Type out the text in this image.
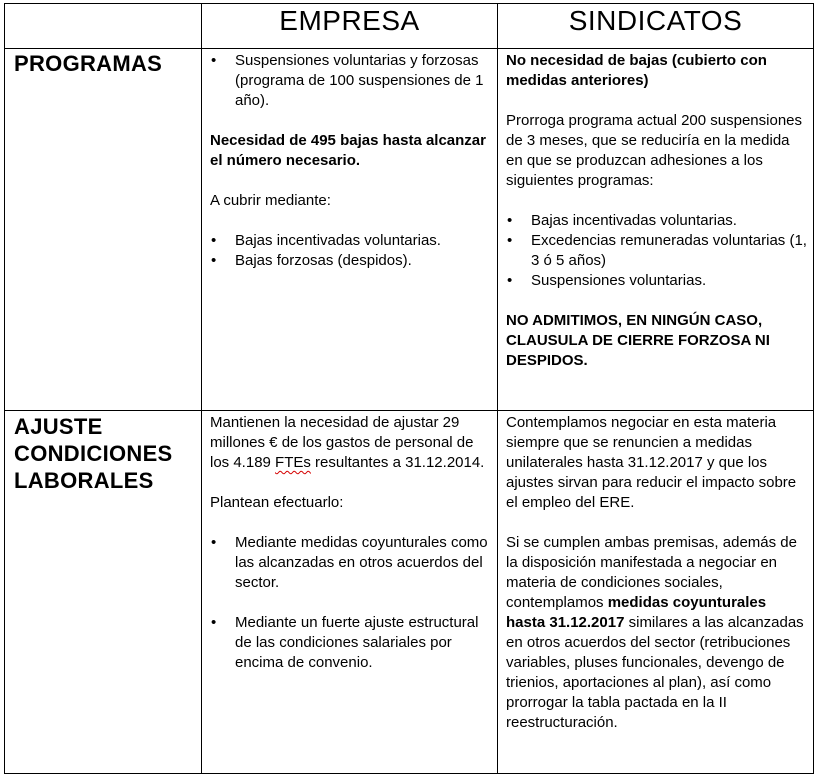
EMPRESA	SINDICATOS
PROGRAMAS
•	Suspensiones voluntarias y forzosas (programa de 100 suspensiones de 1 año).

Necesidad de 495 bajas hasta alcanzar el número necesario.

A cubrir mediante:

• Bajas incentivadas voluntarias.
• Bajas forzosas (despidos).

No necesidad de bajas (cubierto con medidas anteriores)

Prorroga programa actual 200 suspensiones de 3 meses, que se reduciría en la medida en que se produzcan adhesiones a los siguientes programas:

• Bajas incentivadas voluntarias.
• Excedencias remuneradas voluntarias (1, 3 ó 5 años)
• Suspensiones voluntarias.

NO ADMITIMOS, EN NINGÚN CASO, CLAUSULA DE CIERRE FORZOSA NI DESPIDOS.

AJUSTE
CONDICIONES
LABORALES

Mantienen la necesidad de ajustar 29 millones € de los gastos de personal de los 4.189 FTEs resultantes a 31.12.2014.

Plantean efectuarlo:

• Mediante medidas coyunturales como las alcanzadas en otros acuerdos del sector.
• Mediante un fuerte ajuste estructural de las condiciones salariales por encima de convenio.

Contemplamos negociar en esta materia siempre que se renuncien a medidas unilaterales hasta 31.12.2017 y que los ajustes sirvan para reducir el impacto sobre el empleo del ERE.

Si se cumplen ambas premisas, además de la disposición manifestada a negociar en materia de condiciones sociales, contemplamos medidas coyunturales hasta 31.12.2017 similares a las alcanzadas en otros acuerdos del sector (retribuciones variables, pluses funcionales, devengo de trienios, aportaciones al plan), así como prorrogar la tabla pactada en la II reestructuración.
